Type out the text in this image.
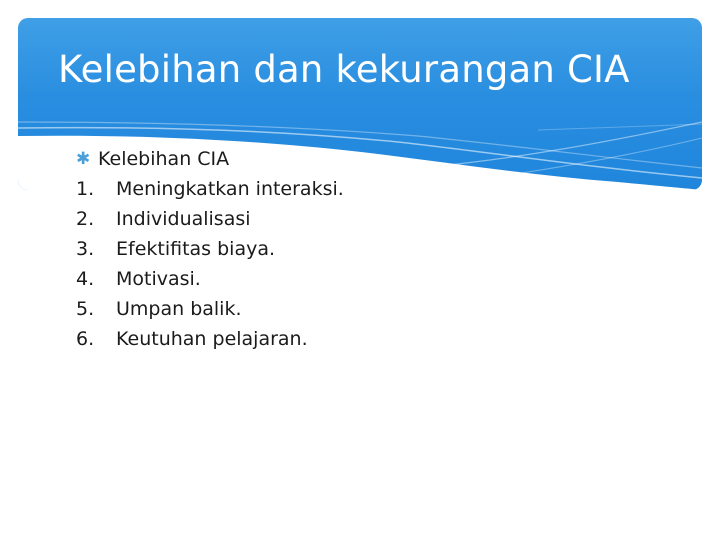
Kelebihan dan kekurangan CIA
✱ Kelebihan CIA
1. Meningkatkan interaksi.
2. Individualisasi
3. Efektifitas biaya.
4. Motivasi.
5. Umpan balik.
6. Keutuhan pelajaran.
